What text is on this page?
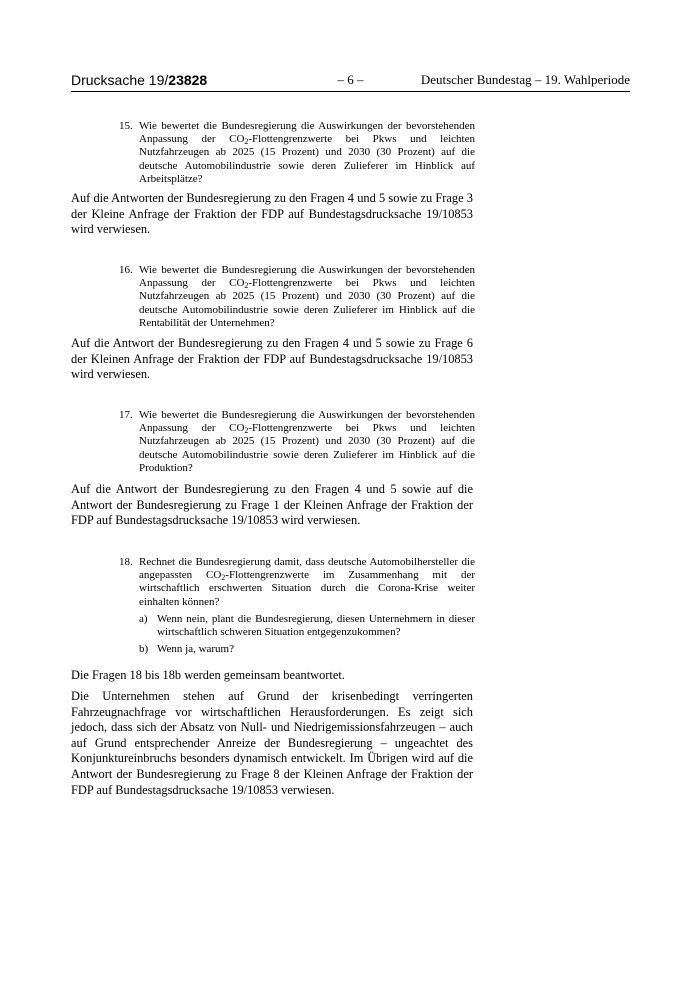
Drucksache 19/23828	– 6 –	Deutscher Bundestag – 19. Wahlperiode
15. Wie bewertet die Bundesregierung die Auswirkungen der bevorstehenden Anpassung der $CO_2$-Flottengrenzwerte bei Pkws und leichten Nutzfahrzeugen ab 2025 (15 Prozent) und 2030 (30 Prozent) auf die deutsche Automobilindustrie sowie deren Zulieferer im Hinblick auf Arbeitsplätze?
Auf die Antworten der Bundesregierung zu den Fragen 4 und 5 sowie zu Frage 3 der Kleine Anfrage der Fraktion der FDP auf Bundestagsdrucksache 19/10853 wird verwiesen.
16. Wie bewertet die Bundesregierung die Auswirkungen der bevorstehenden Anpassung der $CO_2$-Flottengrenzwerte bei Pkws und leichten Nutzfahrzeugen ab 2025 (15 Prozent) und 2030 (30 Prozent) auf die deutsche Automobilindustrie sowie deren Zulieferer im Hinblick auf die Rentabilität der Unternehmen?
Auf die Antwort der Bundesregierung zu den Fragen 4 und 5 sowie zu Frage 6 der Kleinen Anfrage der Fraktion der FDP auf Bundestagsdrucksache 19/10853 wird verwiesen.
17. Wie bewertet die Bundesregierung die Auswirkungen der bevorstehenden Anpassung der $CO_2$-Flottengrenzwerte bei Pkws und leichten Nutzfahrzeugen ab 2025 (15 Prozent) und 2030 (30 Prozent) auf die deutsche Automobilindustrie sowie deren Zulieferer im Hinblick auf die Produktion?
Auf die Antwort der Bundesregierung zu den Fragen 4 und 5 sowie auf die Antwort der Bundesregierung zu Frage 1 der Kleinen Anfrage der Fraktion der FDP auf Bundestagsdrucksache 19/10853 wird verwiesen.
18. Rechnet die Bundesregierung damit, dass deutsche Automobilhersteller die angepassten $CO_2$-Flottengrenzwerte im Zusammenhang mit der wirtschaftlich erschwerten Situation durch die Corona-Krise weiter einhalten können?
a) Wenn nein, plant die Bundesregierung, diesen Unternehmern in dieser wirtschaftlich schweren Situation entgegenzukommen?
b) Wenn ja, warum?
Die Fragen 18 bis 18b werden gemeinsam beantwortet.
Die Unternehmen stehen auf Grund der krisenbedingt verringerten Fahrzeugnachfrage vor wirtschaftlichen Herausforderungen. Es zeigt sich jedoch, dass sich der Absatz von Null- und Niedrigemissionsfahrzeugen – auch auf Grund entsprechender Anreize der Bundesregierung – ungeachtet des Konjunktureinbruchs besonders dynamisch entwickelt. Im Übrigen wird auf die Antwort der Bundesregierung zu Frage 8 der Kleinen Anfrage der Fraktion der FDP auf Bundestagsdrucksache 19/10853 verwiesen.
